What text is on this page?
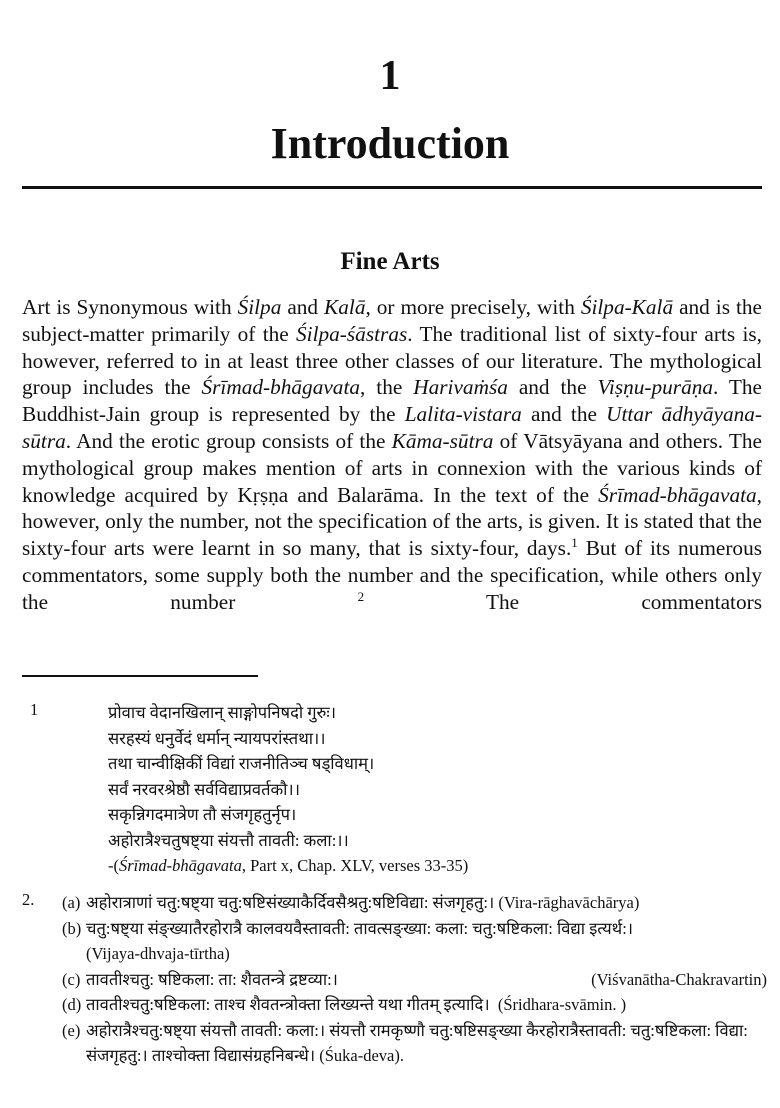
1
Introduction
Fine Arts

Art is Synonymous with Śilpa and Kalā, or more precisely, with Śilpa-Kalā and is the subject-matter primarily of the Śilpa-śāstras. The traditional list of sixty-four arts is, however, referred to in at least three other classes of our literature. The mythological group includes the Śrīmad-bhāgavata, the Harivaṁśa and the Viṣṇu-purāṇa. The Buddhist-Jain group is represented by the Lalita-vistara and the Uttar ādhyāyana-sūtra. And the erotic group consists of the Kāma-sūtra of Vātsyāyana and others. The mythological group makes mention of arts in connexion with the various kinds of knowledge acquired by Kṛṣṇa and Balarāma. In the text of the Śrīmad-bhāgavata, however, only the number, not the specification of the arts, is given. It is stated that the sixty-four arts were learnt in so many, that is sixty-four, days.$^1$ But of its numerous commentators, some supply both the number and the specification, while others only the number $^2$ The commentators

1	प्रोवाच वेदानखिलान् साङ्गोपनिषदो गुरुः।
सरहस्यं धनुर्वेदं धर्मान् न्यायपरांस्तथा।।
तथा चान्वीक्षिकीं विद्यां राजनीतिञ्च षड्विधाम्।
सर्वं नरवरश्रेष्ठौ सर्वविद्याप्रवर्तकौ।।
सकृन्निगदमात्रेण तौ संजगृहतुर्नृप।
अहोरात्रैश्चतुषष्ट्या संयत्तौ तावती: कला:।।
-(Śrīmad-bhāgavata, Part x, Chap. XLV, verses 33-35)
2. (a) अहोरात्राणां चतु:षष्ट्या चतु:षष्टिसंख्याकैर्दिवसैश्रतु:षष्टिविद्या: संजगृहतु:। (Vira-rāghavāchārya)
(b) चतु:षष्ट्या संङ्ख्यातैरहोरात्रै कालवयवैस्तावती: तावत्सङ्ख्या: कला: चतु:षष्टिकला: विद्या इत्यर्थ:।
(Vijaya-dhvaja-tīrtha)
(c) तावतीश्चतु: षष्टिकला: ता: शैवतन्त्रे द्रष्टव्या:।	(Viśvanātha-Chakravartin)
(d) तावतीश्चतु:षष्टिकला: ताश्च शैवतन्त्रोक्ता लिख्यन्ते यथा गीतम् इत्यादि। (Śridhara-svāmin. )
(e) अहोरात्रैश्चतु:षष्ट्या संयत्तौ तावती: कला:। संयत्तौ रामकृष्णौ चतु:षष्टिसङ्ख्या कैरहोरात्रैस्तावती: चतु:षष्टिकला: विद्या: संजगृहतु:। ताश्चोक्ता विद्यासंग्रहनिबन्धे। (Śuka-deva).
